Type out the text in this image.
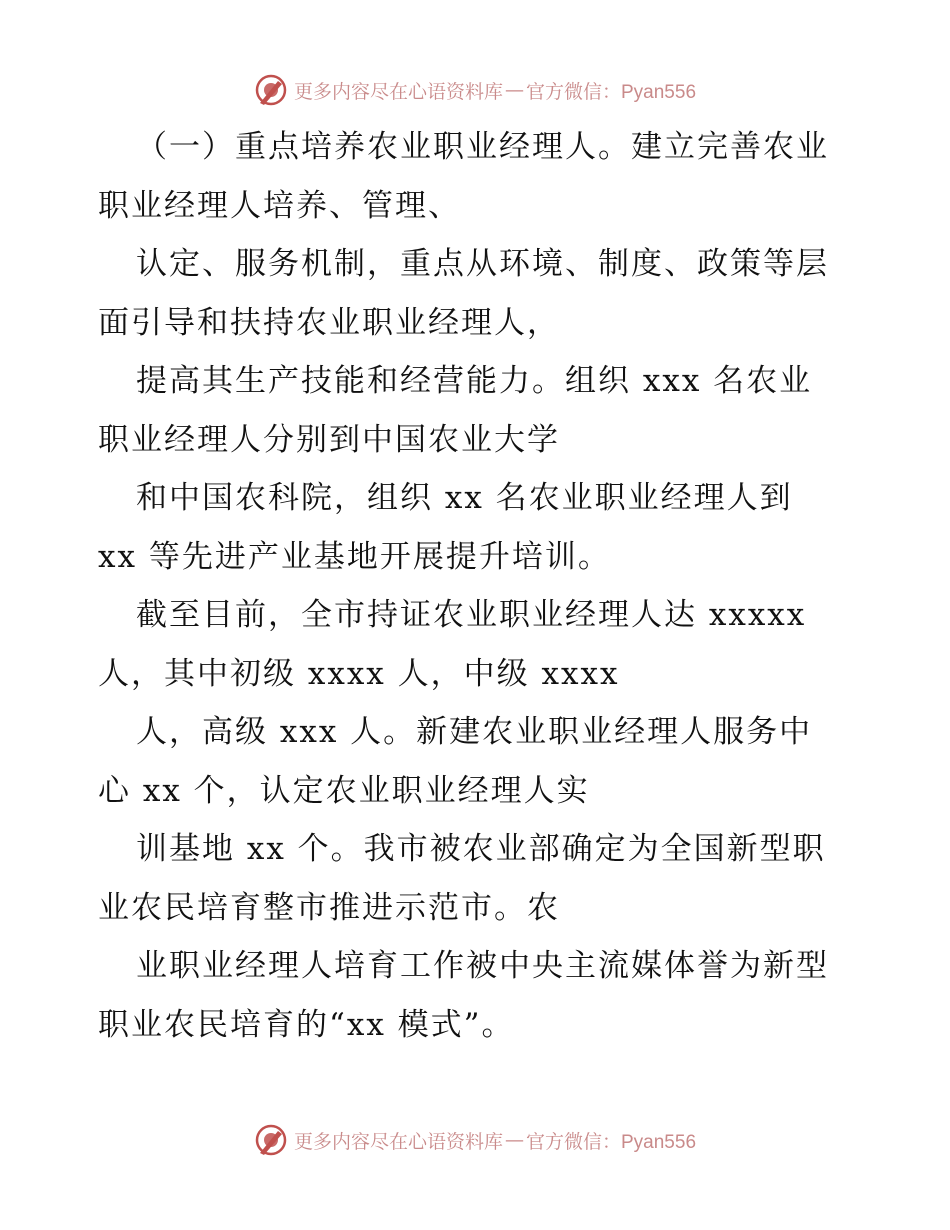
更多内容尽在心语资料库 — 官方微信：Pyan556
（一）重点培养农业职业经理人。建立完善农业
职业经理人培养、管理、
认定、服务机制，重点从环境、制度、政策等层
面引导和扶持农业职业经理人，
提高其生产技能和经营能力。组织 xxx 名农业
职业经理人分别到中国农业大学
和中国农科院，组织 xx 名农业职业经理人到
xx 等先进产业基地开展提升培训。
截至目前，全市持证农业职业经理人达 xxxxx
人，其中初级 xxxx 人，中级 xxxx
人，高级 xxx 人。新建农业职业经理人服务中
心 xx 个，认定农业职业经理人实
训基地 xx 个。我市被农业部确定为全国新型职
业农民培育整市推进示范市。农
业职业经理人培育工作被中央主流媒体誉为新型
职业农民培育的“xx 模式”。
更多内容尽在心语资料库 — 官方微信：Pyan556
